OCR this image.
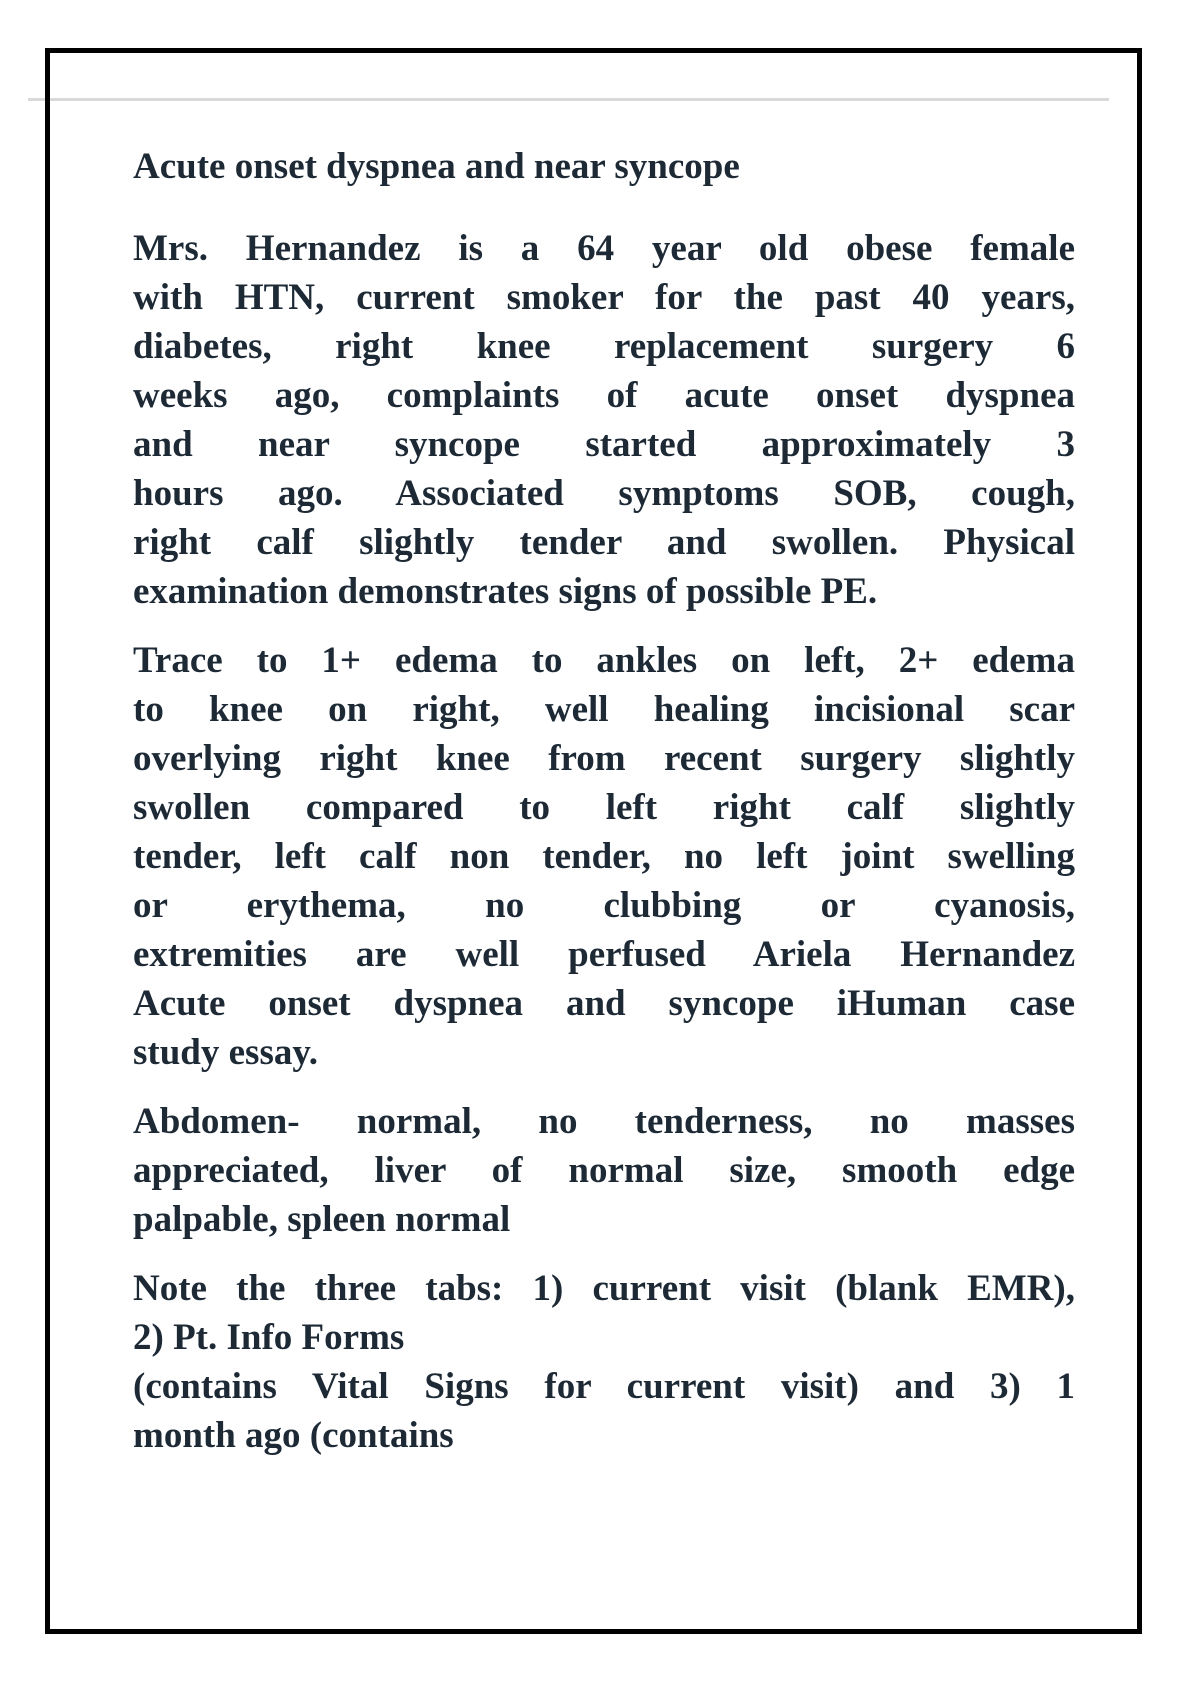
Acute onset dyspnea and near syncope
Mrs. Hernandez is a 64 year old obese female
with HTN, current smoker for the past 40 years,
diabetes, right knee replacement surgery 6
weeks ago, complaints of acute onset dyspnea
and near syncope started approximately 3
hours ago. Associated symptoms SOB, cough,
right calf slightly tender and swollen. Physical
examination demonstrates signs of possible PE.
Trace to 1+ edema to ankles on left, 2+ edema
to knee on right, well healing incisional scar
overlying right knee from recent surgery slightly
swollen compared to left right calf slightly
tender, left calf non tender, no left joint swelling
or erythema, no clubbing or cyanosis,
extremities are well perfused Ariela Hernandez
Acute onset dyspnea and syncope iHuman case
study essay.
Abdomen- normal, no tenderness, no masses
appreciated, liver of normal size, smooth edge
palpable, spleen normal
Note the three tabs: 1) current visit (blank EMR),
2) Pt. Info Forms
(contains Vital Signs for current visit) and 3) 1
month ago (contains
